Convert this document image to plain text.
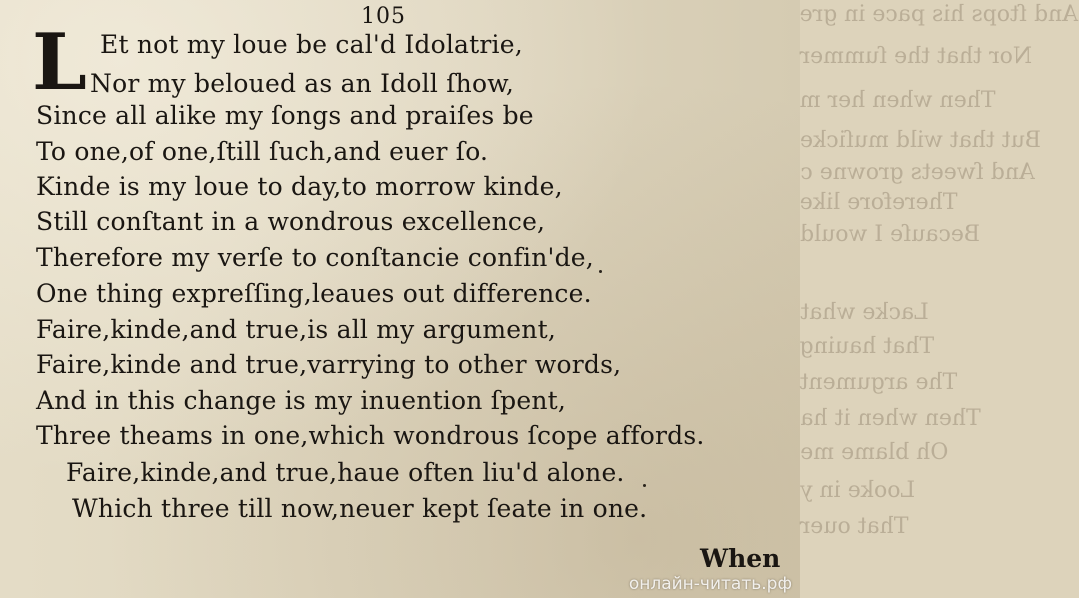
And ſtops his pace in gre
Nor that the ſummer
Then when her m
But that wild muſicke
And ſweets growne c
Therefore like
Becauſe I would
Lacke what
That hauing
The argument
Then when it ha
Oh blame me
Looke in y
That ouer
105
L Et not my loue be cal'd Idolatrie,
Nor my beloued as an Idoll ſhow,
Since all alike my ſongs and praiſes be
To one,of one,ſtill ſuch,and euer ſo.
Kinde is my loue to day,to morrow kinde,
Still conſtant in a wondrous excellence,
Therefore my verſe to conſtancie confin'de,
One thing expreſſing,leaues out difference.
Faire,kinde,and true,is all my argument,
Faire,kinde and true,varrying to other words,
And in this change is my inuention ſpent,
Three theams in one,which wondrous ſcope affords.
Faire,kinde,and true,haue often liu'd alone.
Which three till now,neuer kept ſeate in one.
When
онлайн-читать.рф
